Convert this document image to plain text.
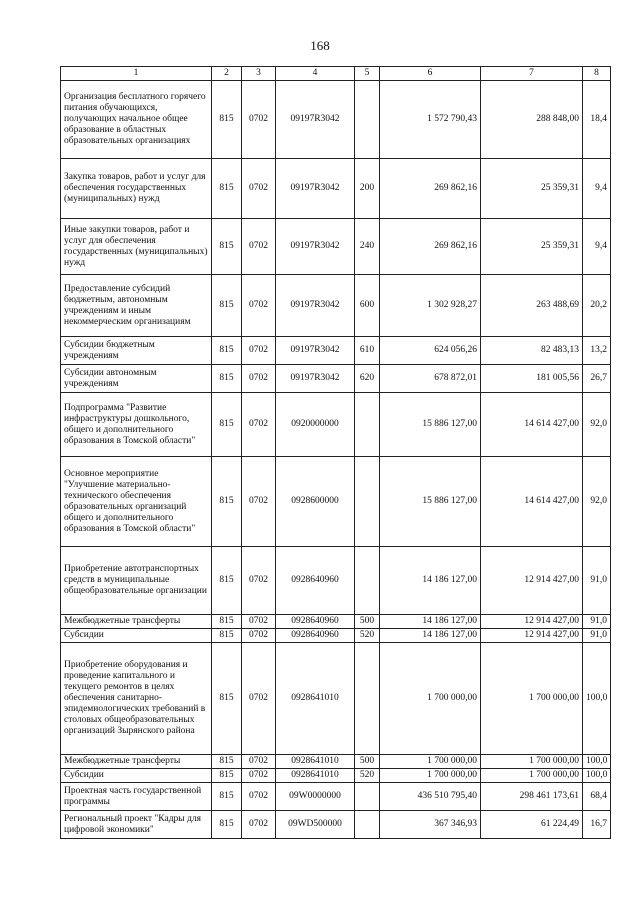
168
1	2	3	4	5	6	7	8
Организация бесплатного горячего питания обучающихся, получающих начальное общее образование в областных образовательных организациях	815	0702	09197R3042		1 572 790,43	288 848,00	18,4
Закупка товаров, работ и услуг для обеспечения государственных (муниципальных) нужд	815	0702	09197R3042	200	269 862,16	25 359,31	9,4
Иные закупки товаров, работ и услуг для обеспечения государственных (муниципальных) нужд	815	0702	09197R3042	240	269 862,16	25 359,31	9,4
Предоставление субсидий бюджетным, автономным учреждениям и иным некоммерческим организациям	815	0702	09197R3042	600	1 302 928,27	263 488,69	20,2
Субсидии бюджетным учреждениям	815	0702	09197R3042	610	624 056,26	82 483,13	13,2
Субсидии автономным учреждениям	815	0702	09197R3042	620	678 872,01	181 005,56	26,7
Подпрограмма "Развитие инфраструктуры дошкольного, общего и дополнительного образования в Томской области"	815	0702	0920000000		15 886 127,00	14 614 427,00	92,0
Основное мероприятие "Улучшение материально-технического обеспечения образовательных организаций общего и дополнительного образования в Томской области"	815	0702	0928600000		15 886 127,00	14 614 427,00	92,0
Приобретение автотранспортных средств в муниципальные общеобразовательные организации	815	0702	0928640960		14 186 127,00	12 914 427,00	91,0
Межбюджетные трансферты	815	0702	0928640960	500	14 186 127,00	12 914 427,00	91,0
Субсидии	815	0702	0928640960	520	14 186 127,00	12 914 427,00	91,0
Приобретение оборудования и проведение капитального и текущего ремонтов в целях обеспечения санитарно-эпидемиологических требований в столовых общеобразовательных организаций Зырянского района	815	0702	0928641010		1 700 000,00	1 700 000,00	100,0
Межбюджетные трансферты	815	0702	0928641010	500	1 700 000,00	1 700 000,00	100,0
Субсидии	815	0702	0928641010	520	1 700 000,00	1 700 000,00	100,0
Проектная часть государственной программы	815	0702	09W0000000		436 510 795,40	298 461 173,61	68,4
Региональный проект "Кадры для цифровой экономики"	815	0702	09WD500000		367 346,93	61 224,49	16,7
